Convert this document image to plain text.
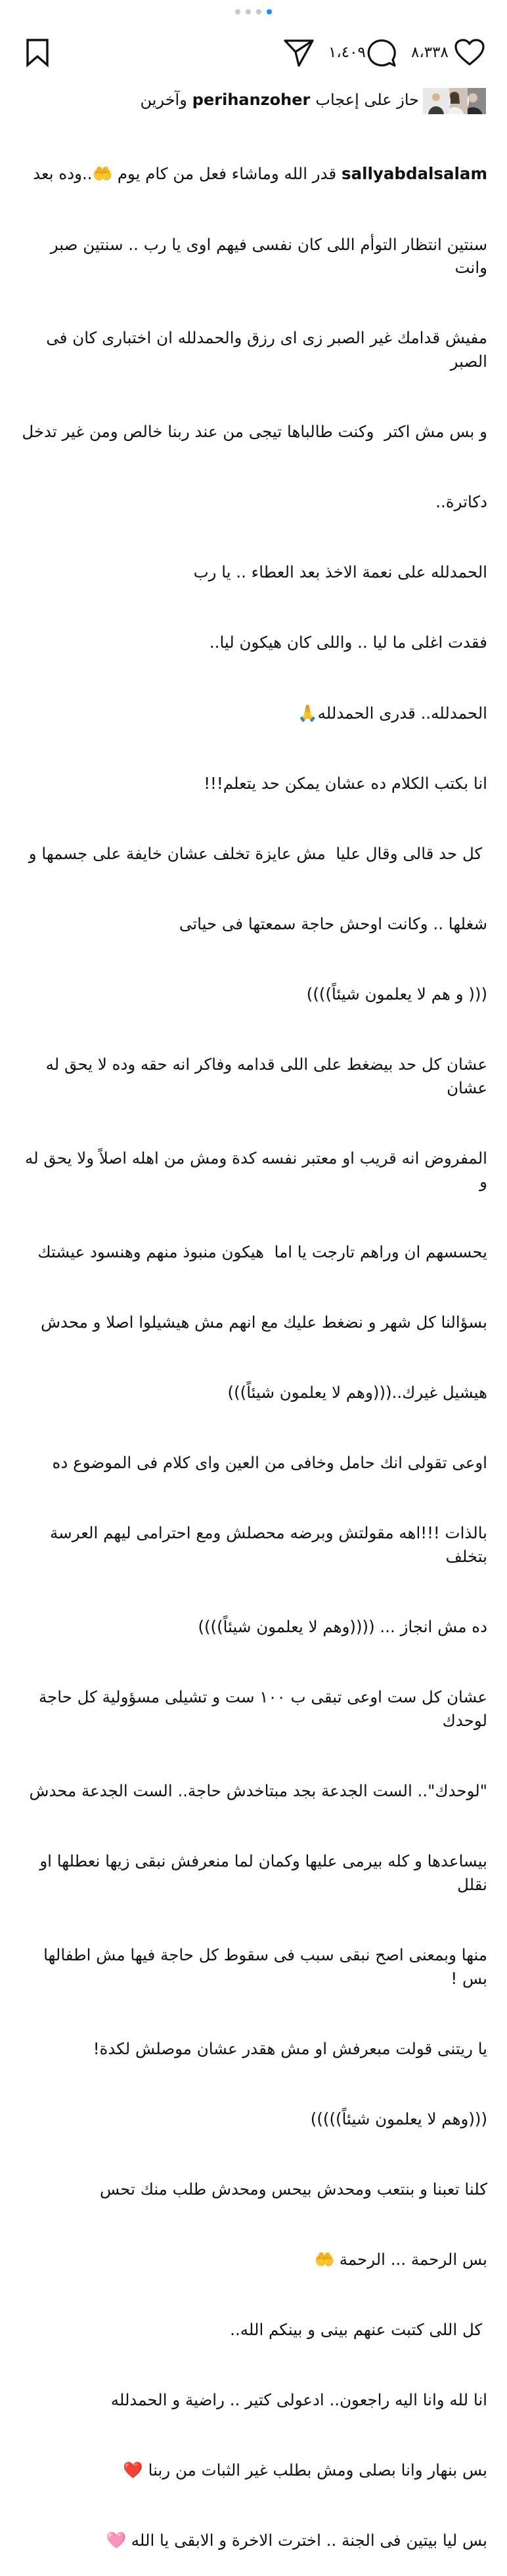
١،٤٠٩	٨،٣٣٨
حاز على إعجاب
perihanzoher
وآخرين

sallyabdalsalam قدر الله وماشاء فعل من كام يوم 🤲..وده بعد

سنتين انتظار التوأم اللى كان نفسى فيهم اوى يا رب .. سنتين صبر وانت

مفيش قدامك غير الصبر زى اى رزق والحمدلله ان اختبارى كان فى الصبر

و بس مش اكتر  وكنت طالباها تيجى من عند ربنا خالص ومن غير تدخل

دكاترة..

الحمدلله على نعمة الاخذ بعد العطاء .. يا رب

فقدت اغلى ما ليا .. واللى كان هيكون ليا..

الحمدلله.. قدرى الحمدلله🙏

انا بكتب الكلام ده عشان يمكن حد يتعلم!!!

كل حد قالى وقال عليا  مش عايزة تخلف عشان خايفة على جسمها و

شغلها .. وكانت اوحش حاجة سمعتها فى حياتى

((( و هم لا يعلمون شيئاً))))

عشان كل حد بيضغط على اللى قدامه وفاكر انه حقه وده لا يحق له عشان

المفروض انه قريب او معتبر نفسه كدة ومش من اهله اصلاً ولا يحق له و

يحسسهم ان وراهم تارجت يا اما  هيكون منبوذ منهم وهنسود عيشتك

بسؤالنا كل شهر و نضغط عليك مع انهم مش هيشيلوا اصلا و محدش

هيشيل غيرك..(((وهم لا يعلمون شيئاً)))

اوعى تقولى انك حامل وخافى من العين واى كلام فى الموضوع ده

بالذات !!!اهه مقولتش وبرضه محصلش ومع احترامى ليهم العرسة بتخلف

ده مش انجاز ... ((((وهم لا يعلمون شيئاً))))

عشان كل ست اوعى تبقى ب ١٠٠ ست و تشيلى مسؤولية كل حاجة لوحدك

"لوحدك".. الست الجدعة بجد مبتاخدش حاجة.. الست الجدعة محدش

بيساعدها و كله بيرمى عليها وكمان لما منعرفش نبقى زيها نعطلها او نقلل

منها وبمعنى اصح نبقى سبب فى سقوط كل حاجة فيها مش اطفالها بس !

يا ريتنى قولت مبعرفش او مش هقدر عشان موصلش لكدة!

(((وهم لا يعلمون شيئاً)))))

كلنا تعبنا و بنتعب ومحدش بيحس ومحدش طلب منك تحس

بس الرحمة ... الرحمة 🤲

كل اللى كتبت عنهم بينى و بينكم الله..

انا لله وانا اليه راجعون.. ادعولى كتير .. راضية و الحمدلله

بس بنهار وانا بصلى ومش بطلب غير الثبات من ربنا ❤️

بس ليا بيتين فى الجنة .. اخترت الاخرة و الابقى يا الله 🩷
